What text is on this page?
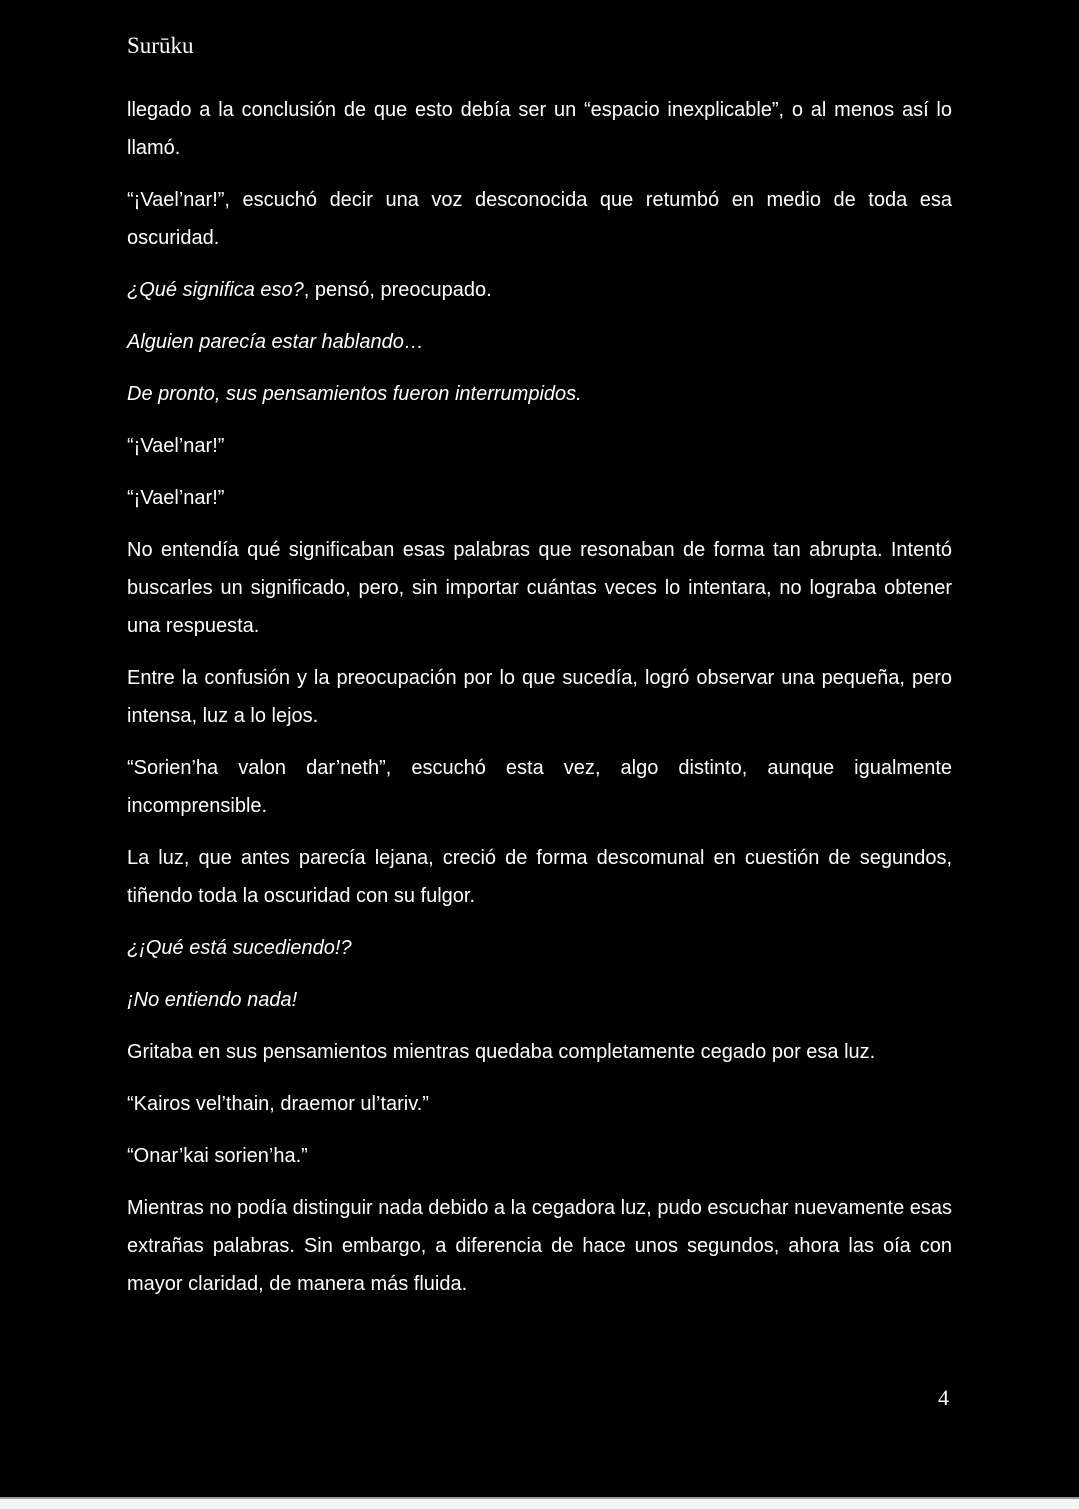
Surūku

llegado a la conclusión de que esto debía ser un “espacio inexplicable”, o al menos así lo llamó.

“¡Vael’nar!”, escuchó decir una voz desconocida que retumbó en medio de toda esa oscuridad.

¿Qué significa eso?, pensó, preocupado.

Alguien parecía estar hablando…

De pronto, sus pensamientos fueron interrumpidos.

“¡Vael’nar!”

“¡Vael’nar!”

No entendía qué significaban esas palabras que resonaban de forma tan abrupta. Intentó buscarles un significado, pero, sin importar cuántas veces lo intentara, no lograba obtener una respuesta.

Entre la confusión y la preocupación por lo que sucedía, logró observar una pequeña, pero intensa, luz a lo lejos.

“Sorien’ha valon dar’neth”, escuchó esta vez, algo distinto, aunque igualmente incomprensible.

La luz, que antes parecía lejana, creció de forma descomunal en cuestión de segundos, tiñendo toda la oscuridad con su fulgor.

¿¡Qué está sucediendo!?

¡No entiendo nada!

Gritaba en sus pensamientos mientras quedaba completamente cegado por esa luz.

“Kairos vel’thain, draemor ul’tariv.”

“Onar’kai sorien’ha.”

Mientras no podía distinguir nada debido a la cegadora luz, pudo escuchar nuevamente esas extrañas palabras. Sin embargo, a diferencia de hace unos segundos, ahora las oía con mayor claridad, de manera más fluida.

4
